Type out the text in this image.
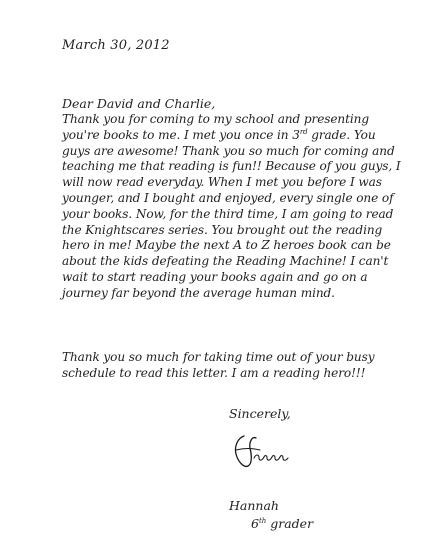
March 30, 2012
Dear David and Charlie,
Thank you for coming to my school and presenting
you're books to me. I met you once in 3rd grade. You
guys are awesome! Thank you so much for coming and
teaching me that reading is fun!! Because of you guys, I
will now read everyday. When I met you before I was
younger, and I bought and enjoyed, every single one of
your books. Now, for the third time, I am going to read
the Knightscares series. You brought out the reading
hero in me! Maybe the next A to Z heroes book can be
about the kids defeating the Reading Machine! I can't
wait to start reading your books again and go on a
journey far beyond the average human mind.
Thank you so much for taking time out of your busy
schedule to read this letter. I am a reading hero!!!
Sincerely,
Hannah
6th grader
